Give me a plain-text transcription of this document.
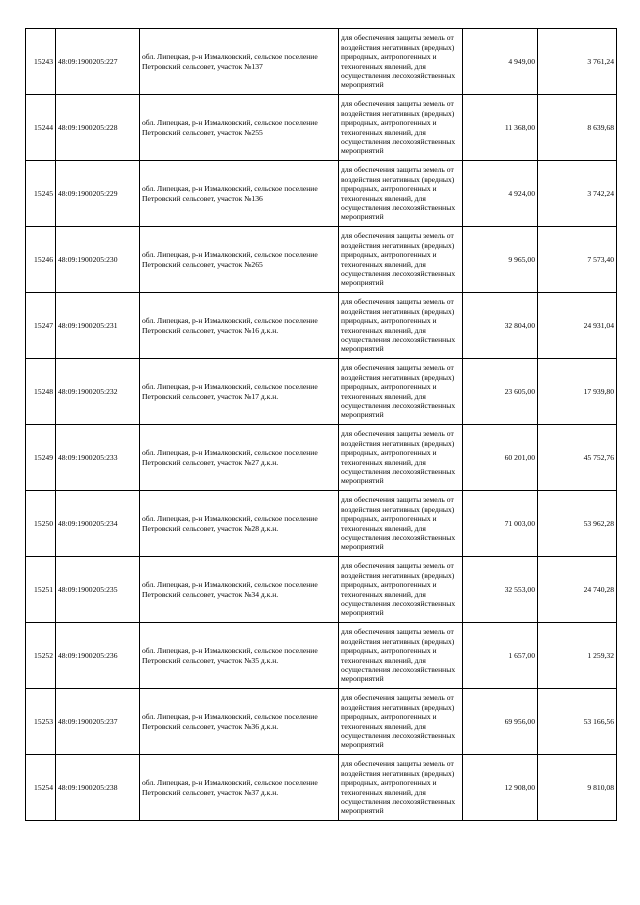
15243	48:09:1900205:227	обл. Липецкая, р-н Измалковский, сельское поселение Петровский сельсовет, участок №137	для обеспечения защиты земель от воздействия негативных (вредных) природных, антропогенных и техногенных явлений, для осуществления лесохозяйственных мероприятий	4 949,00	3 761,24
15244	48:09:1900205:228	обл. Липецкая, р-н Измалковский, сельское поселение Петровский сельсовет, участок №255	для обеспечения защиты земель от воздействия негативных (вредных) природных, антропогенных и техногенных явлений, для осуществления лесохозяйственных мероприятий	11 368,00	8 639,68
15245	48:09:1900205:229	обл. Липецкая, р-н Измалковский, сельское поселение Петровский сельсовет, участок №136	для обеспечения защиты земель от воздействия негативных (вредных) природных, антропогенных и техногенных явлений, для осуществления лесохозяйственных мероприятий	4 924,00	3 742,24
15246	48:09:1900205:230	обл. Липецкая, р-н Измалковский, сельское поселение Петровский сельсовет, участок №265	для обеспечения защиты земель от воздействия негативных (вредных) природных, антропогенных и техногенных явлений, для осуществления лесохозяйственных мероприятий	9 965,00	7 573,40
15247	48:09:1900205:231	обл. Липецкая, р-н Измалковский, сельское поселение Петровский сельсовет, участок №16 д.к.н.	для обеспечения защиты земель от воздействия негативных (вредных) природных, антропогенных и техногенных явлений, для осуществления лесохозяйственных мероприятий	32 804,00	24 931,04
15248	48:09:1900205:232	обл. Липецкая, р-н Измалковский, сельское поселение Петровский сельсовет, участок №17 д.к.н.	для обеспечения защиты земель от воздействия негативных (вредных) природных, антропогенных и техногенных явлений, для осуществления лесохозяйственных мероприятий	23 605,00	17 939,80
15249	48:09:1900205:233	обл. Липецкая, р-н Измалковский, сельское поселение Петровский сельсовет, участок №27 д.к.н.	для обеспечения защиты земель от воздействия негативных (вредных) природных, антропогенных и техногенных явлений, для осуществления лесохозяйственных мероприятий	60 201,00	45 752,76
15250	48:09:1900205:234	обл. Липецкая, р-н Измалковский, сельское поселение Петровский сельсовет, участок №28 д.к.н.	для обеспечения защиты земель от воздействия негативных (вредных) природных, антропогенных и техногенных явлений, для осуществления лесохозяйственных мероприятий	71 003,00	53 962,28
15251	48:09:1900205:235	обл. Липецкая, р-н Измалковский, сельское поселение Петровский сельсовет, участок №34 д.к.н.	для обеспечения защиты земель от воздействия негативных (вредных) природных, антропогенных и техногенных явлений, для осуществления лесохозяйственных мероприятий	32 553,00	24 740,28
15252	48:09:1900205:236	обл. Липецкая, р-н Измалковский, сельское поселение Петровский сельсовет, участок №35 д.к.н.	для обеспечения защиты земель от воздействия негативных (вредных) природных, антропогенных и техногенных явлений, для осуществления лесохозяйственных мероприятий	1 657,00	1 259,32
15253	48:09:1900205:237	обл. Липецкая, р-н Измалковский, сельское поселение Петровский сельсовет, участок №36 д.к.н.	для обеспечения защиты земель от воздействия негативных (вредных) природных, антропогенных и техногенных явлений, для осуществления лесохозяйственных мероприятий	69 956,00	53 166,56
15254	48:09:1900205:238	обл. Липецкая, р-н Измалковский, сельское поселение Петровский сельсовет, участок №37 д.к.н.	для обеспечения защиты земель от воздействия негативных (вредных) природных, антропогенных и техногенных явлений, для осуществления лесохозяйственных мероприятий	12 908,00	9 810,08
